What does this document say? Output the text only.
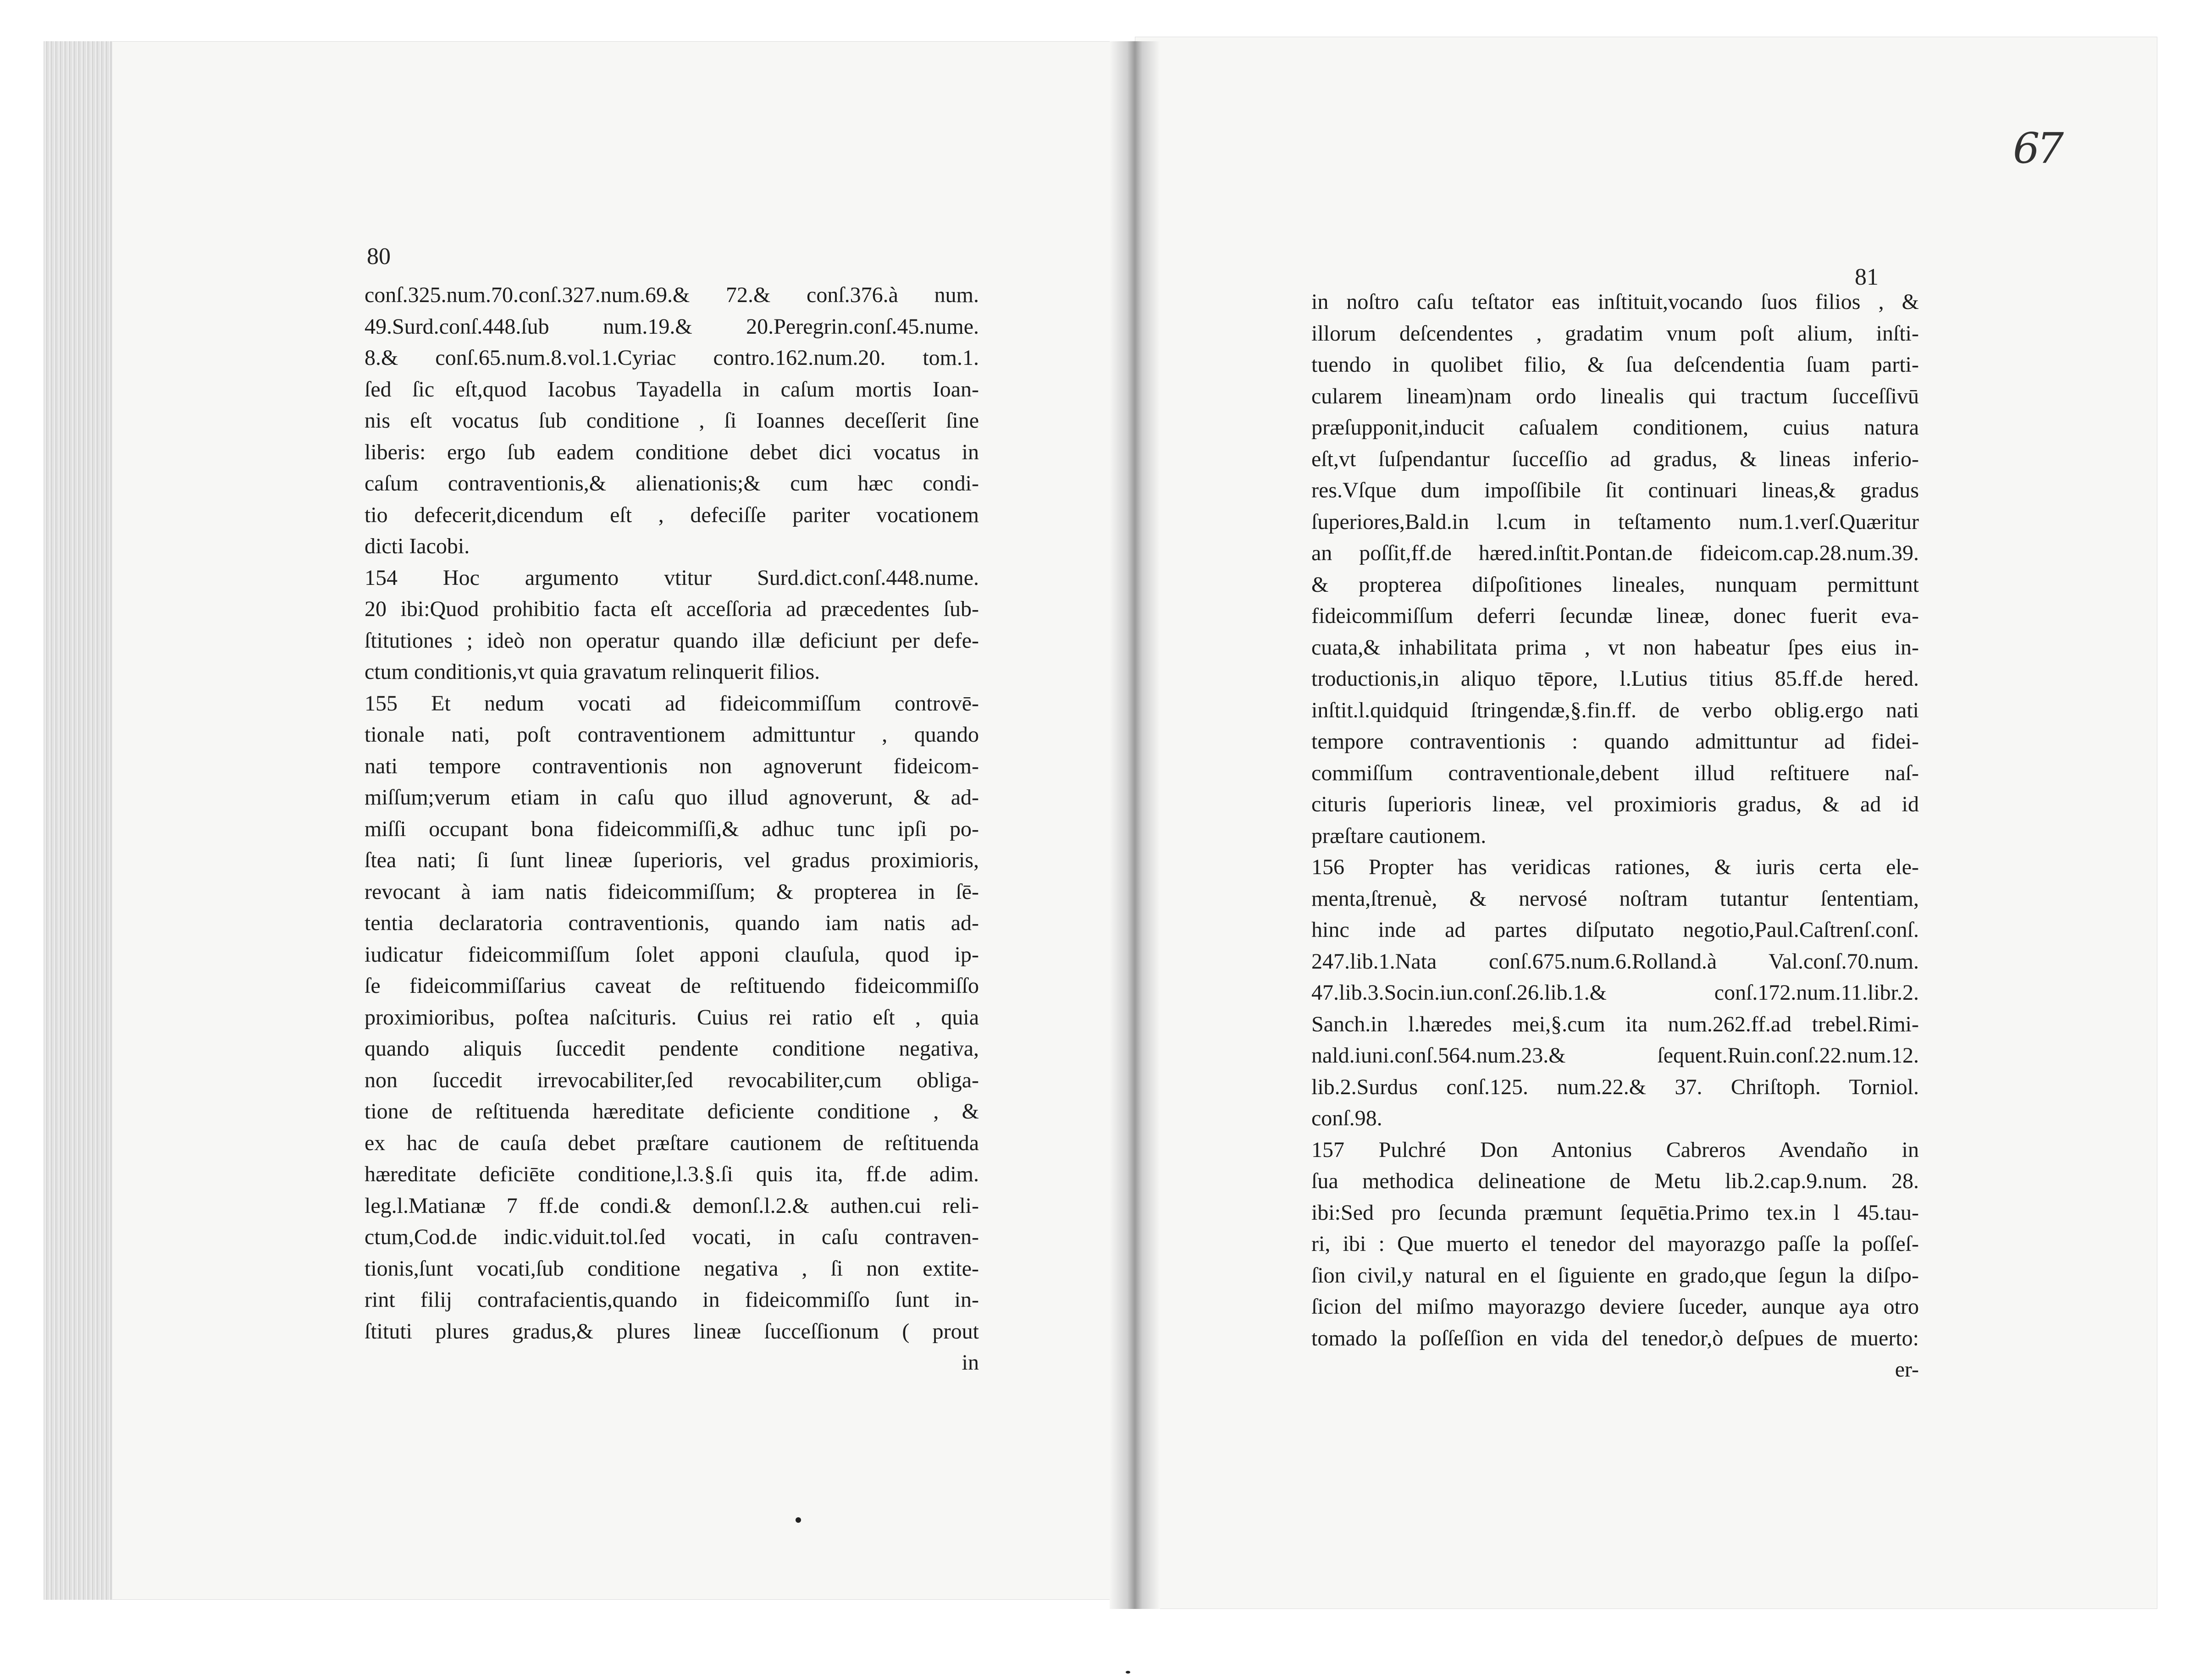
80
81
67
conſ.325.num.70.conſ.327.num.69.& 72.& conſ.376.à num.
49.Surd.conſ.448.ſub num.19.& 20.Peregrin.conſ.45.nume.
8.& conſ.65.num.8.vol.1.Cyriac contro.162.num.20. tom.1.
ſed ſic eſt,quod Iacobus Tayadella in caſum mortis Ioan-
nis eſt vocatus ſub conditione , ſi Ioannes deceſſerit ſine
liberis: ergo ſub eadem conditione debet dici vocatus in
caſum contraventionis,& alienationis;& cum hæc condi-
tio defecerit,dicendum eſt , defeciſſe pariter vocationem
dicti Iacobi.
154 Hoc argumento vtitur Surd.dict.conſ.448.nume.
20 ibi:Quod prohibitio facta eſt acceſſoria ad præcedentes ſub-
ſtitutiones ; ideò non operatur quando illæ deficiunt per defe-
ctum conditionis,vt quia gravatum relinquerit filios.
155 Et nedum vocati ad fideicommiſſum controvē-
tionale nati, poſt contraventionem admittuntur , quando
nati tempore contraventionis non agnoverunt fideicom-
miſſum;verum etiam in caſu quo illud agnoverunt, & ad-
miſſi occupant bona fideicommiſſi,& adhuc tunc ipſi po-
ſtea nati; ſi ſunt lineæ ſuperioris, vel gradus proximioris,
revocant à iam natis fideicommiſſum; & propterea in ſē-
tentia declaratoria contraventionis, quando iam natis ad-
iudicatur fideicommiſſum ſolet apponi clauſula, quod ip-
ſe fideicommiſſarius caveat de reſtituendo fideicommiſſo
proximioribus, poſtea naſcituris. Cuius rei ratio eſt , quia
quando aliquis ſuccedit pendente conditione negativa,
non ſuccedit irrevocabiliter,ſed revocabiliter,cum obliga-
tione de reſtituenda hæreditate deficiente conditione , &
ex hac de cauſa debet præſtare cautionem de reſtituenda
hæreditate deficiēte conditione,l.3.§.ſi quis ita, ff.de adim.
leg.l.Matianæ 7 ff.de condi.& demonſ.l.2.& authen.cui reli-
ctum,Cod.de indic.viduit.tol.ſed vocati, in caſu contraven-
tionis,ſunt vocati,ſub conditione negativa , ſi non extite-
rint filij contrafacientis,quando in fideicommiſſo ſunt in-
ſtituti plures gradus,& plures lineæ ſucceſſionum ( prout
in
in noſtro caſu teſtator eas inſtituit,vocando ſuos filios , &
illorum deſcendentes , gradatim vnum poſt alium, inſti-
tuendo in quolibet filio, & ſua deſcendentia ſuam parti-
cularem lineam)nam ordo linealis qui tractum ſucceſſivū
præſupponit,inducit caſualem conditionem, cuius natura
eſt,vt ſuſpendantur ſucceſſio ad gradus, & lineas inferio-
res.Vſque dum impoſſibile ſit continuari lineas,& gradus
ſuperiores,Bald.in l.cum in teſtamento num.1.verſ.Quæritur
an poſſit,ff.de hæred.inſtit.Pontan.de fideicom.cap.28.num.39.
& propterea diſpoſitiones lineales, nunquam permittunt
fideicommiſſum deferri ſecundæ lineæ, donec fuerit eva-
cuata,& inhabilitata prima , vt non habeatur ſpes eius in-
troductionis,in aliquo tēpore, l.Lutius titius 85.ff.de hered.
inſtit.l.quidquid ſtringendæ,§.fin.ff. de verbo oblig.ergo nati
tempore contraventionis : quando admittuntur ad fidei-
commiſſum contraventionale,debent illud reſtituere naſ-
cituris ſuperioris lineæ, vel proximioris gradus, & ad id
præſtare cautionem.
156 Propter has veridicas rationes, & iuris certa ele-
menta,ſtrenuè, & nervosé noſtram tutantur ſententiam,
hinc inde ad partes diſputato negotio,Paul.Caſtrenſ.conſ.
247.lib.1.Nata conſ.675.num.6.Rolland.à Val.conſ.70.num.
47.lib.3.Socin.iun.conſ.26.lib.1.& conſ.172.num.11.libr.2.
Sanch.in l.hæredes mei,§.cum ita num.262.ff.ad trebel.Rimi-
nald.iuni.conſ.564.num.23.& ſequent.Ruin.conſ.22.num.12.
lib.2.Surdus conſ.125. num.22.& 37. Chriſtoph. Torniol.
conſ.98.
157 Pulchré Don Antonius Cabreros Avendaño in
ſua methodica delineatione de Metu lib.2.cap.9.num. 28.
ibi:Sed pro ſecunda præmunt ſequētia.Primo tex.in l 45.tau-
ri, ibi : Que muerto el tenedor del mayorazgo paſſe la poſſeſ-
ſion civil,y natural en el ſiguiente en grado,que ſegun la diſpo-
ſicion del miſmo mayorazgo deviere ſuceder, aunque aya otro
tomado la poſſeſſion en vida del tenedor,ò deſpues de muerto:
er-
